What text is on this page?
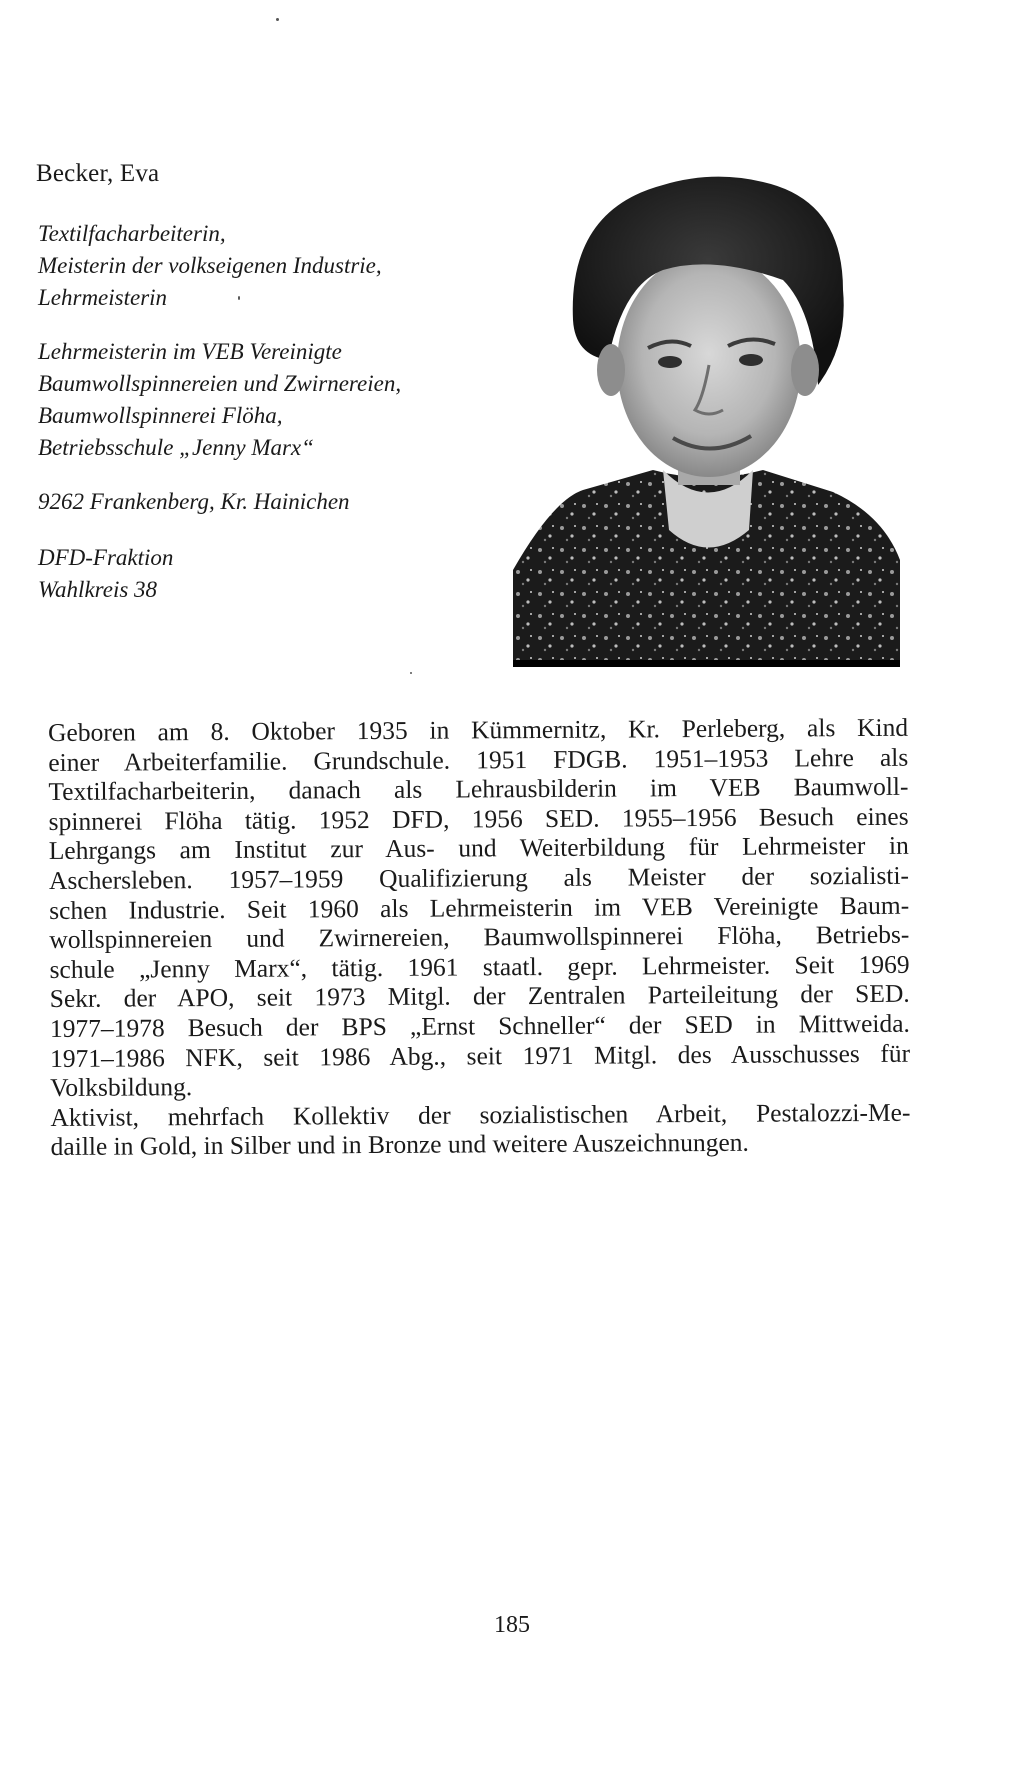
Becker, Eva
Textilfacharbeiterin,
Meisterin der volkseigenen Industrie,
Lehrmeisterin
Lehrmeisterin im VEB Vereinigte
Baumwollspinnereien und Zwirnereien,
Baumwollspinnerei Flöha,
Betriebsschule „Jenny Marx“
9262 Frankenberg, Kr. Hainichen
DFD-Fraktion
Wahlkreis 38
Geboren am 8. Oktober 1935 in Kümmernitz, Kr. Perleberg, als Kind
einer Arbeiterfamilie. Grundschule. 1951 FDGB. 1951–1953 Lehre als
Textilfacharbeiterin, danach als Lehrausbilderin im VEB Baumwoll-
spinnerei Flöha tätig. 1952 DFD, 1956 SED. 1955–1956 Besuch eines
Lehrgangs am Institut zur Aus- und Weiterbildung für Lehrmeister in
Aschersleben. 1957–1959 Qualifizierung als Meister der sozialisti-
schen Industrie. Seit 1960 als Lehrmeisterin im VEB Vereinigte Baum-
wollspinnereien und Zwirnereien, Baumwollspinnerei Flöha, Betriebs-
schule „Jenny Marx“, tätig. 1961 staatl. gepr. Lehrmeister. Seit 1969
Sekr. der APO, seit 1973 Mitgl. der Zentralen Parteileitung der SED.
1977–1978 Besuch der BPS „Ernst Schneller“ der SED in Mittweida.
1971–1986 NFK, seit 1986 Abg., seit 1971 Mitgl. des Ausschusses für
Volksbildung.
Aktivist, mehrfach Kollektiv der sozialistischen Arbeit, Pestalozzi-Me-
daille in Gold, in Silber und in Bronze und weitere Auszeichnungen.
185
